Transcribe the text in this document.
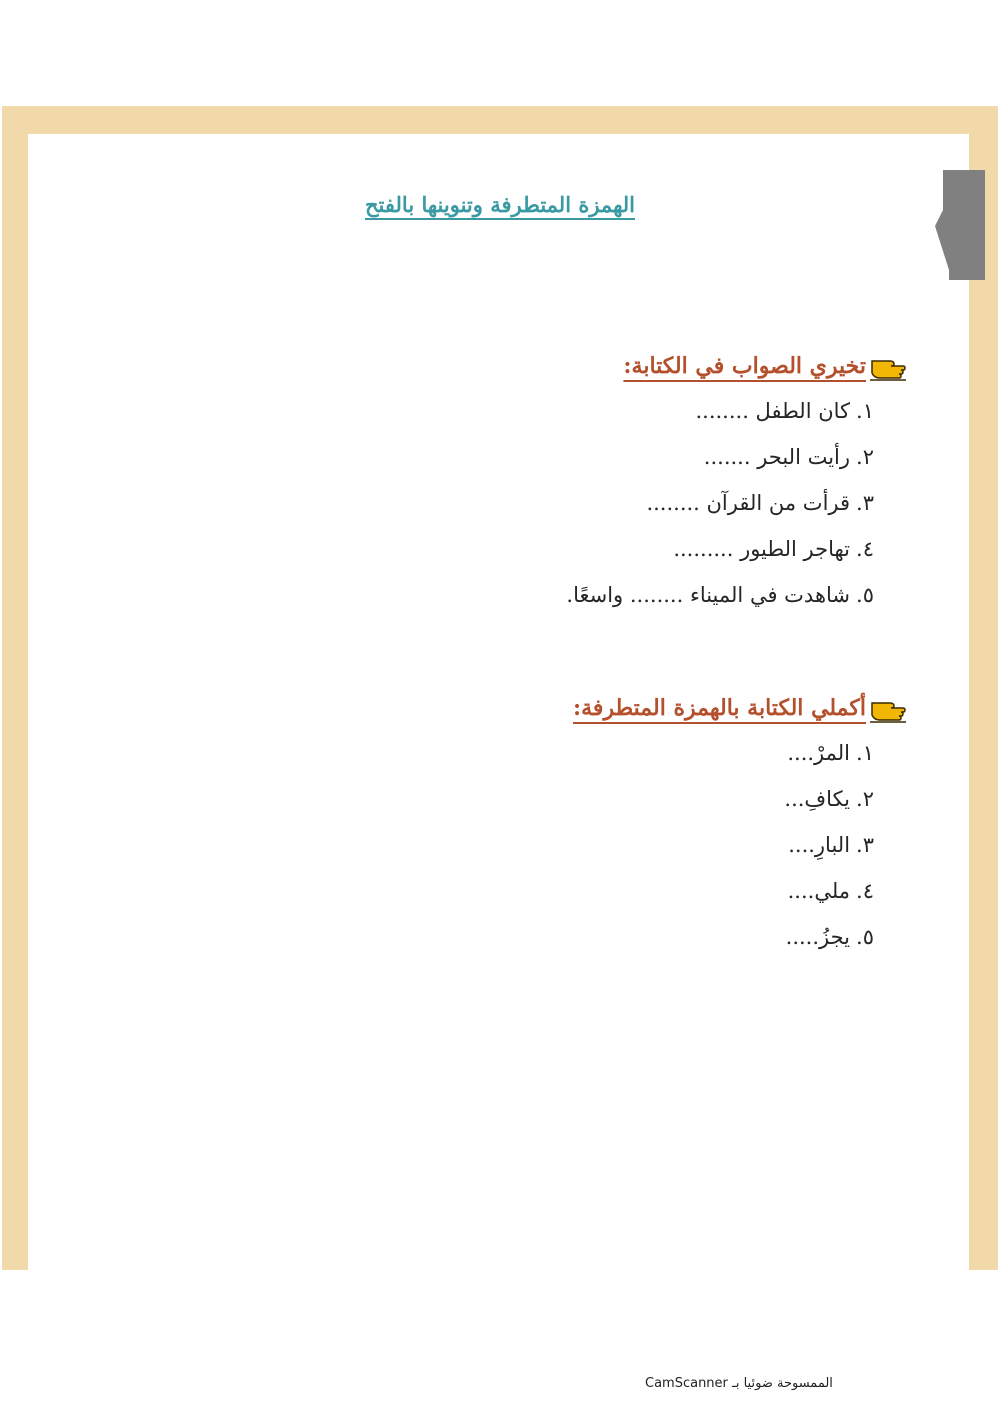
الهمزة المتطرفة وتنوينها بالفتح
تخيري الصواب في الكتابة:
١.كان الطفل ........
٢.رأيت البحر .......
٣.قرأت من القرآن ........
٤.تهاجر الطيور .........
٥.شاهدت في الميناء ........ واسعًا.
أكملي الكتابة بالهمزة المتطرفة:
١.المرْ....
٢.يكافِ...
٣.البارِ....
٤.ملي....
٥.يجزُ.....
الممسوحة ضوئيا بـ CamScanner
